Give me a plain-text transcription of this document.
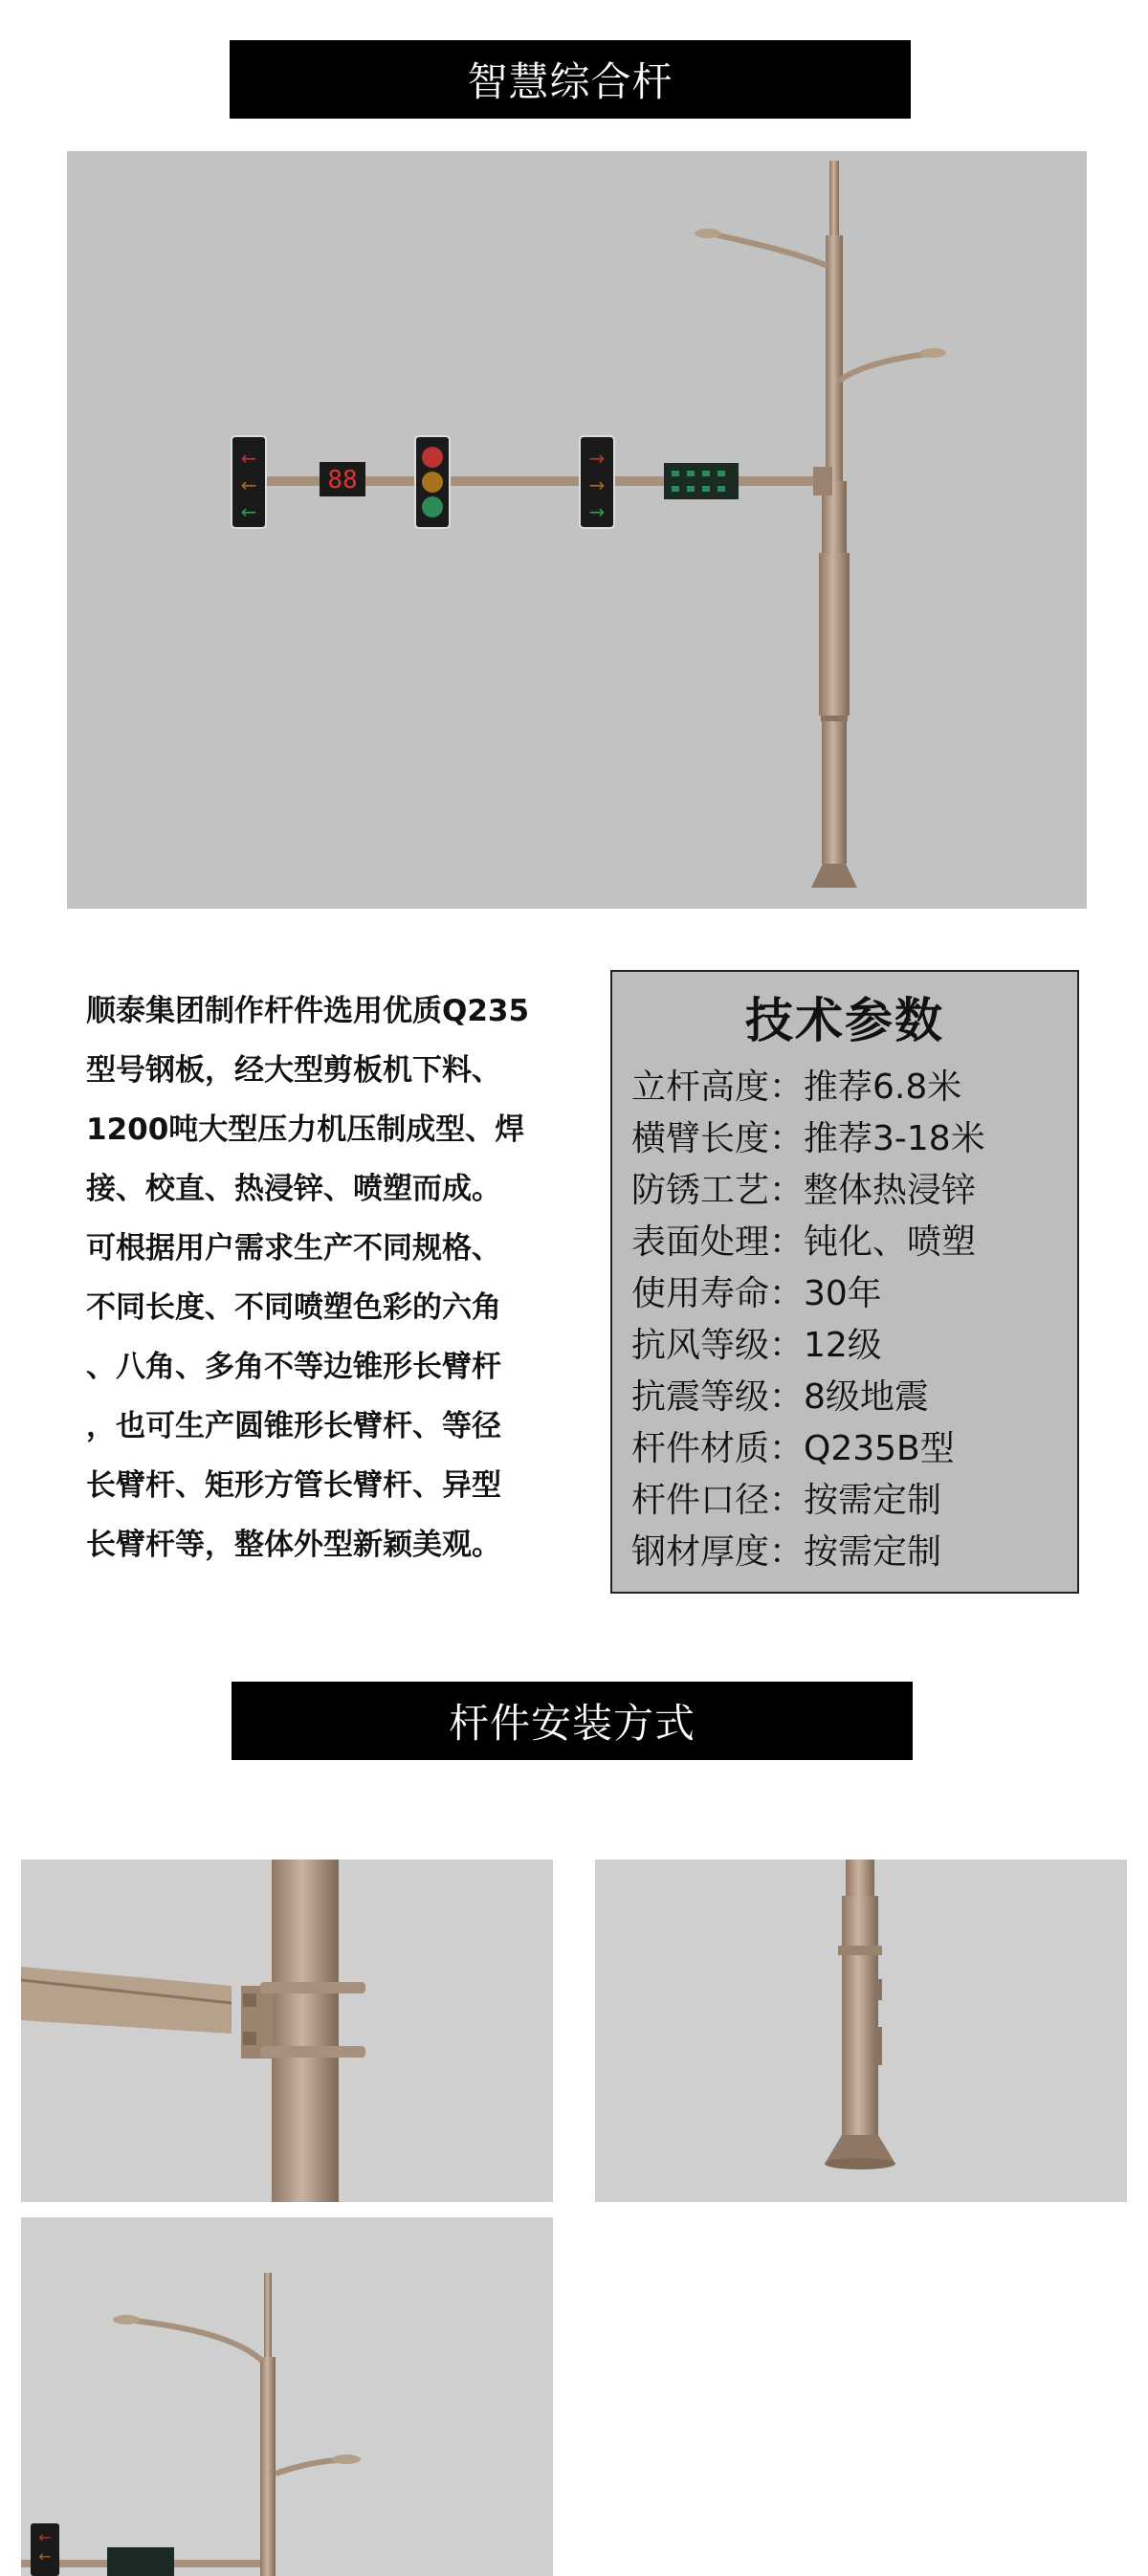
智慧综合杆
←
←
←
88
→
→
→
顺泰集团制作杆件选用优质Q235
型号钢板，经大型剪板机下料、
1200吨大型压力机压制成型、焊
接、校直、热浸锌、喷塑而成。
可根据用户需求生产不同规格、
不同长度、不同喷塑色彩的六角
、八角、多角不等边锥形长臂杆
，也可生产圆锥形长臂杆、等径
长臂杆、矩形方管长臂杆、异型
长臂杆等，整体外型新颖美观。
技术参数
立杆高度：推荐6.8米
横臂长度：推荐3-18米
防锈工艺：整体热浸锌
表面处理：钝化、喷塑
使用寿命：30年
抗风等级：12级
抗震等级：8级地震
杆件材质：Q235B型
杆件口径：按需定制
钢材厚度：按需定制
杆件安装方式
←
←
